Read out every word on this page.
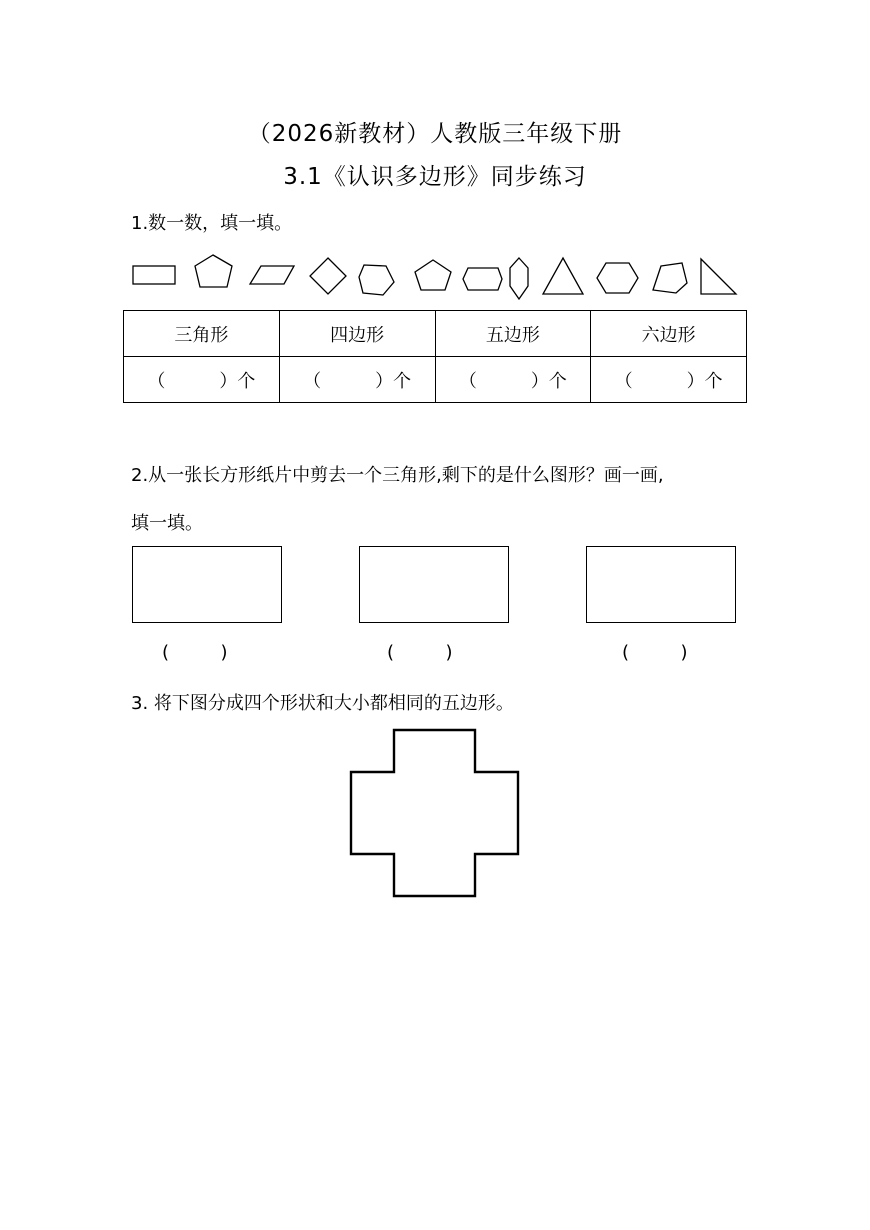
（2026新教材）人教版三年级下册
3.1《认识多边形》同步练习
1.数一数，填一填。
三角形	四边形	五边形	六边形
（　　　）个	（　　　）个	（　　　）个	（　　　）个
2.从一张长方形纸片中剪去一个三角形,剩下的是什么图形？画一画,
填一填。
(         )	(         )	(         )
3. 将下图分成四个形状和大小都相同的五边形。
